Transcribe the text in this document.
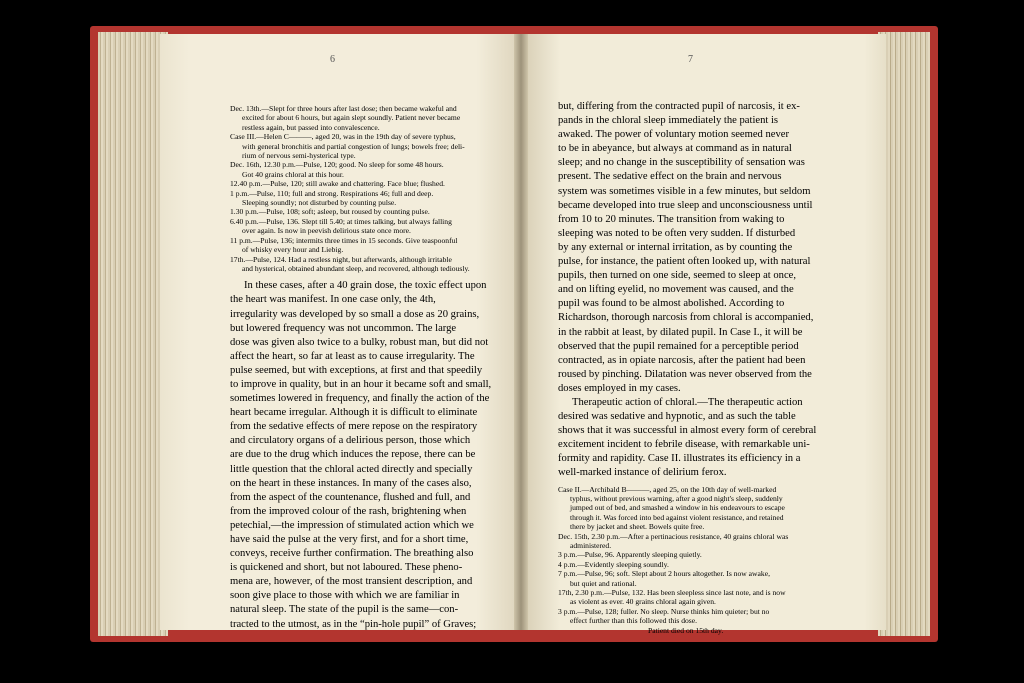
6	7

Dec. 13th.—Slept for three hours after last dose; then became wakeful and

excited for about 6 hours, but again slept soundly. Patient never became

restless again, but passed into convalescence.

Case III.—Helen C———, aged 20, was in the 19th day of severe typhus,

with general bronchitis and partial congestion of lungs; bowels free; deli-

rium of nervous semi-hysterical type.

Dec. 16th, 12.30 p.m.—Pulse, 120; good. No sleep for some 48 hours.

Got 40 grains chloral at this hour.

12.40 p.m.—Pulse, 120; still awake and chattering. Face blue; flushed.

1 p.m.—Pulse, 110; full and strong. Respirations 46; full and deep.

Sleeping soundly; not disturbed by counting pulse.

1.30 p.m.—Pulse, 108; soft; asleep, but roused by counting pulse.

6.40 p.m.—Pulse, 136. Slept till 5.40; at times talking, but always falling

over again. Is now in peevish delirious state once more.

11 p.m.—Pulse, 136; intermits three times in 15 seconds. Give teaspoonful

of whisky every hour and Liebig.

17th.—Pulse, 124. Had a restless night, but afterwards, although irritable

and hysterical, obtained abundant sleep, and recovered, although tediously.

In these cases, after a 40 grain dose, the toxic effect upon

the heart was manifest. In one case only, the 4th,

irregularity was developed by so small a dose as 20 grains,

but lowered frequency was not uncommon. The large

dose was given also twice to a bulky, robust man, but did not

affect the heart, so far at least as to cause irregularity. The

pulse seemed, but with exceptions, at first and that speedily

to improve in quality, but in an hour it became soft and small,

sometimes lowered in frequency, and finally the action of the

heart became irregular. Although it is difficult to eliminate

from the sedative effects of mere repose on the respiratory

and circulatory organs of a delirious person, those which

are due to the drug which induces the repose, there can be

little question that the chloral acted directly and specially

on the heart in these instances. In many of the cases also,

from the aspect of the countenance, flushed and full, and

from the improved colour of the rash, brightening when

petechial,—the impression of stimulated action which we

have said the pulse at the very first, and for a short time,

conveys, receive further confirmation. The breathing also

is quickened and short, but not laboured. These pheno-

mena are, however, of the most transient description, and

soon give place to those with which we are familiar in

natural sleep. The state of the pupil is the same—con-

tracted to the utmost, as in the “pin-hole pupil” of Graves;

but, differing from the contracted pupil of narcosis, it ex-

pands in the chloral sleep immediately the patient is

awaked. The power of voluntary motion seemed never

to be in abeyance, but always at command as in natural

sleep; and no change in the susceptibility of sensation was

present. The sedative effect on the brain and nervous

system was sometimes visible in a few minutes, but seldom

became developed into true sleep and unconsciousness until

from 10 to 20 minutes. The transition from waking to

sleeping was noted to be often very sudden. If disturbed

by any external or internal irritation, as by counting the

pulse, for instance, the patient often looked up, with natural

pupils, then turned on one side, seemed to sleep at once,

and on lifting eyelid, no movement was caused, and the

pupil was found to be almost abolished. According to

Richardson, thorough narcosis from chloral is accompanied,

in the rabbit at least, by dilated pupil. In Case I., it will be

observed that the pupil remained for a perceptible period

contracted, as in opiate narcosis, after the patient had been

roused by pinching. Dilatation was never observed from the

doses employed in my cases.

Therapeutic action of chloral.—The therapeutic action

desired was sedative and hypnotic, and as such the table

shows that it was successful in almost every form of cerebral

excitement incident to febrile disease, with remarkable uni-

formity and rapidity. Case II. illustrates its efficiency in a

well-marked instance of delirium ferox.

Case II.—Archibald B———, aged 25, on the 10th day of well-marked

typhus, without previous warning, after a good night's sleep, suddenly

jumped out of bed, and smashed a window in his endeavours to escape

through it. Was forced into bed against violent resistance, and retained

there by jacket and sheet. Bowels quite free.

Dec. 15th, 2.30 p.m.—After a pertinacious resistance, 40 grains chloral was

administered.

3 p.m.—Pulse, 96. Apparently sleeping quietly.

4 p.m.—Evidently sleeping soundly.

7 p.m.—Pulse, 96; soft. Slept about 2 hours altogether. Is now awake,

but quiet and rational.

17th, 2.30 p.m.—Pulse, 132. Has been sleepless since last note, and is now

as violent as ever. 40 grains chloral again given.

3 p.m.—Pulse, 128; fuller. No sleep. Nurse thinks him quieter; but no

effect further than this followed this dose.

Patient died on 15th day.
